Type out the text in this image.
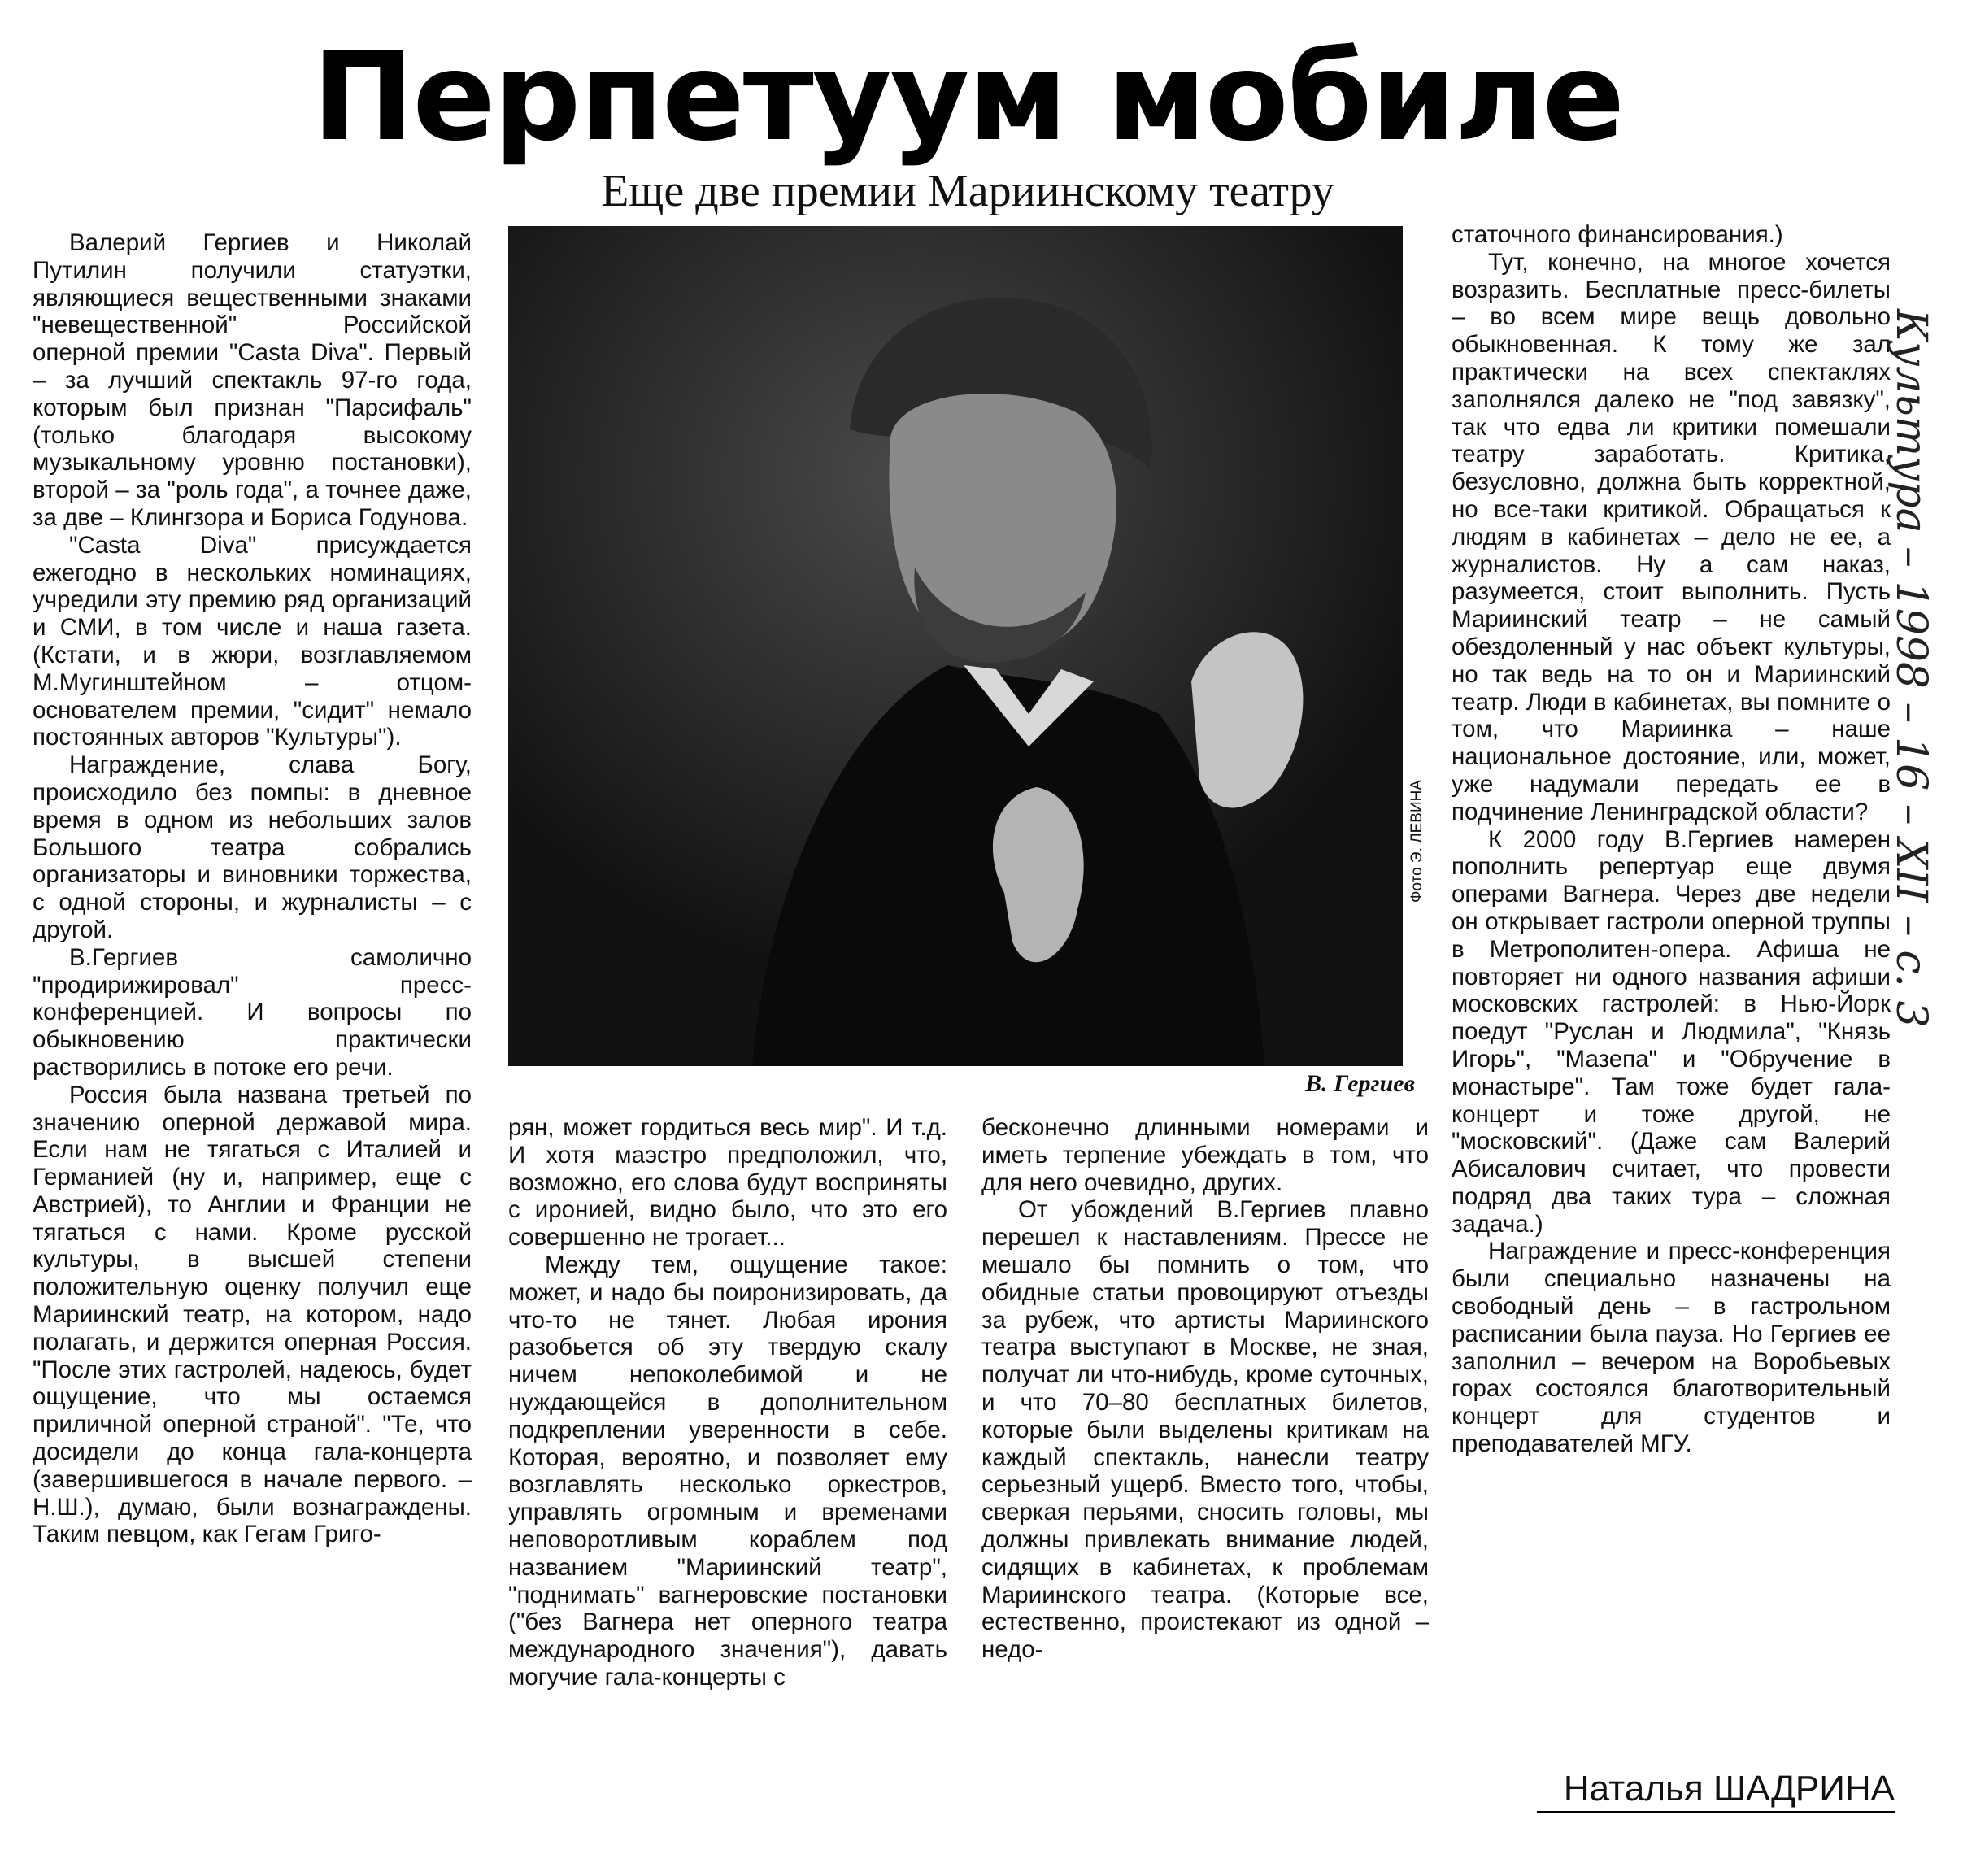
Перпетуум мобиле
Еще две премии Мариинскому театру
Фото Э. ЛЕВИНА
В. Гергиев

Валерий Гергиев и Николай Путилин получили статуэтки, являющиеся вещественными знаками "невещественной" Российской оперной премии "Casta Diva". Первый – за лучший спектакль 97-го года, которым был признан "Парсифаль" (только благодаря высокому музыкальному уровню постановки), второй – за "роль года", а точнее даже, за две – Клингзора и Бориса Годунова.

"Casta Diva" присуждается ежегодно в нескольких номинациях, учредили эту премию ряд организаций и СМИ, в том числе и наша газета. (Кстати, и в жюри, возглавляемом М.Мугинштейном – отцом-основателем премии, "сидит" немало постоянных авторов "Культуры").

Награждение, слава Богу, происходило без помпы: в дневное время в одном из небольших залов Большого театра собрались организаторы и виновники торжества, с одной стороны, и журналисты – с другой.

В.Гергиев самолично "продирижировал" пресс-конференцией. И вопросы по обыкновению практически растворились в потоке его речи.

Россия была названа третьей по значению оперной державой мира. Если нам не тягаться с Италией и Германией (ну и, например, еще с Австрией), то Англии и Франции не тягаться с нами. Кроме русской культуры, в высшей степени положительную оценку получил еще Мариинский театр, на котором, надо полагать, и держится оперная Россия. "После этих гастролей, надеюсь, будет ощущение, что мы остаемся приличной оперной страной". "Те, что досидели до конца гала-концерта (завершившегося в начале первого. – Н.Ш.), думаю, были вознаграждены. Таким певцом, как Гегам Григо-

рян, может гордиться весь мир". И т.д. И хотя маэстро предположил, что, возможно, его слова будут восприняты с иронией, видно было, что это его совершенно не трогает...

Между тем, ощущение такое: может, и надо бы поиронизировать, да что-то не тянет. Любая ирония разобьется об эту твердую скалу ничем непоколебимой и не нуждающейся в дополнительном подкреплении уверенности в себе. Которая, вероятно, и позволяет ему возглавлять несколько оркестров, управлять огромным и временами неповоротливым кораблем под названием "Мариинский театр", "поднимать" вагнеровские постановки ("без Вагнера нет оперного театра международного значения"), давать могучие гала-концерты с

бесконечно длинными номерами и иметь терпение убеждать в том, что для него очевидно, других.

От убождений В.Гергиев плавно перешел к наставлениям. Прессе не мешало бы помнить о том, что обидные статьи провоцируют отъезды за рубеж, что артисты Мариинского театра выступают в Москве, не зная, получат ли что-нибудь, кроме суточных, и что 70–80 бесплатных билетов, которые были выделены критикам на каждый спектакль, нанесли театру серьезный ущерб. Вместо того, чтобы, сверкая перьями, сносить головы, мы должны привлекать внимание людей, сидящих в кабинетах, к проблемам Мариинского театра. (Которые все, естественно, проистекают из одной – недо-

статочного финансирования.)

Тут, конечно, на многое хочется возразить. Бесплатные пресс-билеты – во всем мире вещь довольно обыкновенная. К тому же зал практически на всех спектаклях заполнялся далеко не "под завязку", так что едва ли критики помешали театру заработать. Критика, безусловно, должна быть корректной, но все-таки критикой. Обращаться к людям в кабинетах – дело не ее, а журналистов. Ну а сам наказ, разумеется, стоит выполнить. Пусть Мариинский театр – не самый обездоленный у нас объект культуры, но так ведь на то он и Мариинский театр. Люди в кабинетах, вы помните о том, что Мариинка – наше национальное достояние, или, может, уже надумали передать ее в подчинение Ленинградской области?

К 2000 году В.Гергиев намерен пополнить репертуар еще двумя операми Вагнера. Через две недели он открывает гастроли оперной труппы в Метрополитен-опера. Афиша не повторяет ни одного названия афиши московских гастролей: в Нью-Йорк поедут "Руслан и Людмила", "Князь Игорь", "Мазепа" и "Обручение в монастыре". Там тоже будет гала-концерт и тоже другой, не "московский". (Даже сам Валерий Абисалович считает, что провести подряд два таких тура – сложная задача.)

Награждение и пресс-конференция были специально назначены на свободный день – в гастрольном расписании была пауза. Но Гергиев ее заполнил – вечером на Воробьевых горах состоялся благотворительный концерт для студентов и преподавателей МГУ.

Наталья ШАДРИНА
Культура – 1998 – 16 – XII – с. 3
